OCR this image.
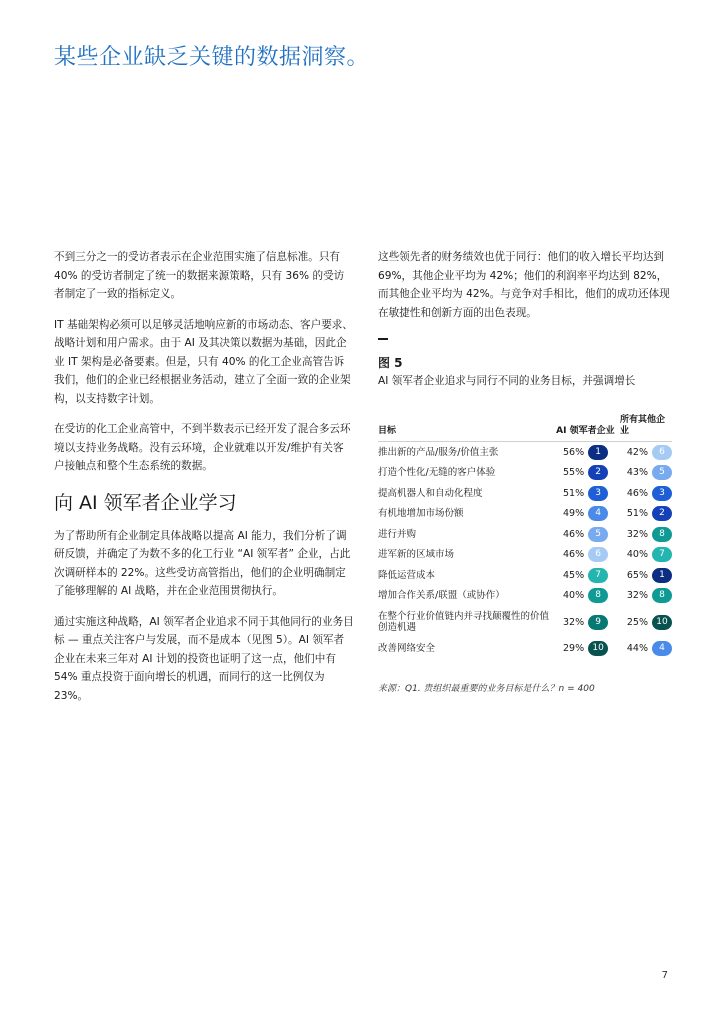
某些企业缺乏关键的数据洞察。

不到三分之一的受访者表示在企业范围实施了信息标准。只有 40% 的受访者制定了统一的数据来源策略，只有 36% 的受访者制定了一致的指标定义。

IT 基础架构必须可以足够灵活地响应新的市场动态、客户要求、战略计划和用户需求。由于 AI 及其决策以数据为基础，因此企业 IT 架构是必备要素。但是，只有 40% 的化工企业高管告诉我们，他们的企业已经根据业务活动，建立了全面一致的企业架构，以支持数字计划。

在受访的化工企业高管中，不到半数表示已经开发了混合多云环境以支持业务战略。没有云环境，企业就难以开发/维护有关客户接触点和整个生态系统的数据。

向 AI 领军者企业学习

为了帮助所有企业制定具体战略以提高 AI 能力，我们分析了调研反馈，并确定了为数不多的化工行业 “AI 领军者” 企业，占此次调研样本的 22%。这些受访高管指出，他们的企业明确制定了能够理解的 AI 战略，并在企业范围贯彻执行。

通过实施这种战略，AI 领军者企业追求不同于其他同行的业务目标 — 重点关注客户与发展，而不是成本（见图 5）。AI 领军者企业在未来三年对 AI 计划的投资也证明了这一点，他们中有 54% 重点投资于面向增长的机遇，而同行的这一比例仅为 23%。

这些领先者的财务绩效也优于同行：他们的收入增长平均达到 69%，其他企业平均为 42%；他们的利润率平均达到 82%，而其他企业平均为 42%。与竞争对手相比，他们的成功还体现在敏捷性和创新方面的出色表现。

图 5
AI 领军者企业追求与同行不同的业务目标，并强调增长
目标	AI 领军者企业	所有其他企业
推出新的产品/服务/价值主张	56% 1	42% 6

打造个性化/无缝的客户体验	55% 2	43% 5

提高机器人和自动化程度	51% 3	46% 3

有机地增加市场份额	49% 4	51% 2

进行并购	46% 5	32% 8

进军新的区域市场	46% 6	40% 7

降低运营成本	45% 7	65% 1

增加合作关系/联盟（或协作）	40% 8	32% 8

在整个行业价值链内并寻找颠覆性的价值创造机遇	32% 9	25% 10

改善网络安全	29% 10	44% 4
来源：Q1. 贵组织最重要的业务目标是什么？n = 400
7
